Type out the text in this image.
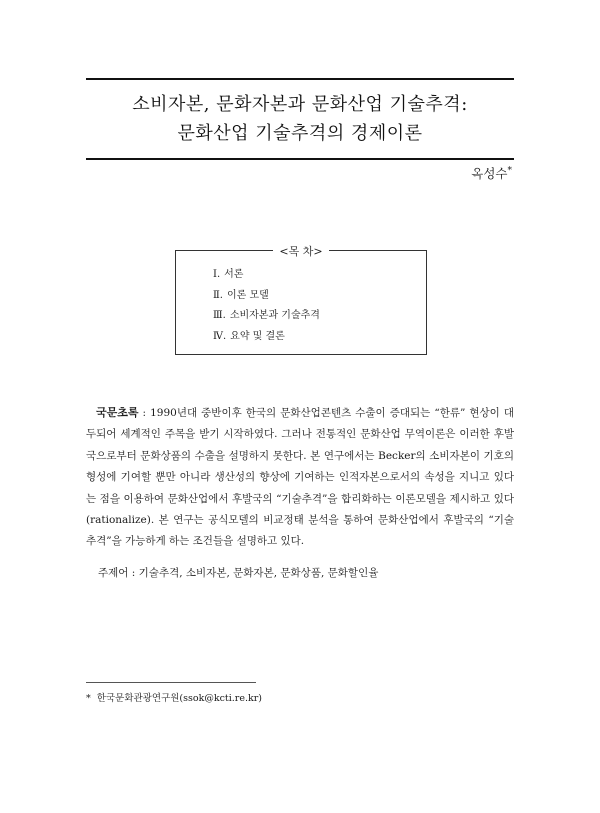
소비자본, 문화자본과 문화산업 기술추격:
문화산업 기술추격의 경제이론
옥성수*
<목 차>
Ⅰ. 서론
Ⅱ. 이론 모델
Ⅲ. 소비자본과 기술추격
Ⅳ. 요약 및 결론

국문초록 : 1990년대 중반이후 한국의 문화산업콘텐츠 수출이 증대되는 “한류” 현상이 대두되어 세계적인 주목을 받기 시작하였다. 그러나 전통적인 문화산업 무역이론은 이러한 후발국으로부터 문화상품의 수출을 설명하지 못한다. 본 연구에서는 Becker의 소비자본이 기호의 형성에 기여할 뿐만 아니라 생산성의 향상에 기여하는 인적자본으로서의 속성을 지니고 있다는 점을 이용하여 문화산업에서 후발국의 “기술추격”을 합리화하는 이론모델을 제시하고 있다(rationalize). 본 연구는 공식모델의 비교정태 분석을 통하여 문화산업에서 후발국의 “기술추격”을 가능하게 하는 조건들을 설명하고 있다.

주제어 : 기술추격, 소비자본, 문화자본, 문화상품, 문화할인율
* 한국문화관광연구원(ssok@kcti.re.kr)
